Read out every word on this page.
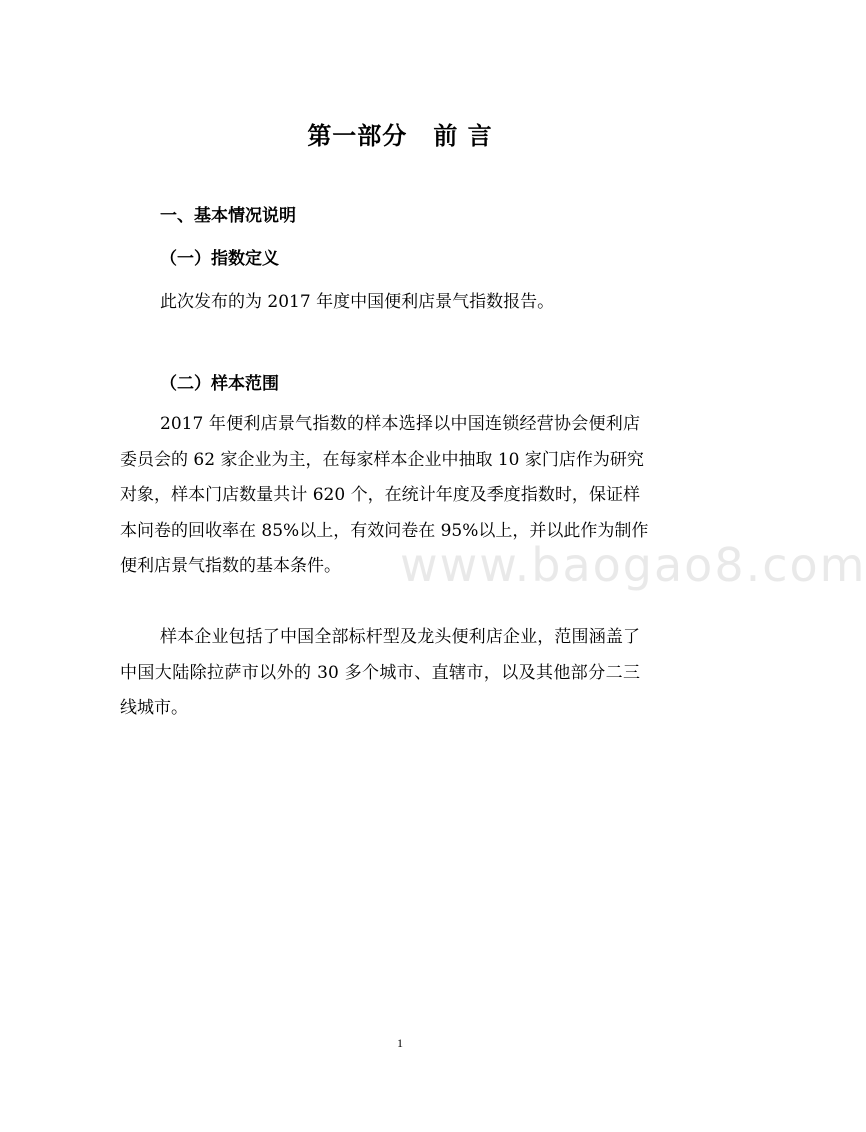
第一部分 前 言
一、基本情况说明
（一）指数定义
此次发布的为 2017 年度中国便利店景气指数报告。
（二）样本范围
2017 年便利店景气指数的样本选择以中国连锁经营协会便利店
委员会的 62 家企业为主，在每家样本企业中抽取 10 家门店作为研究
对象，样本门店数量共计 620 个，在统计年度及季度指数时，保证样
本问卷的回收率在 85%以上，有效问卷在 95%以上，并以此作为制作
便利店景气指数的基本条件。
样本企业包括了中国全部标杆型及龙头便利店企业，范围涵盖了
中国大陆除拉萨市以外的 30 多个城市、直辖市，以及其他部分二三
线城市。
www.baogao8.com
1
